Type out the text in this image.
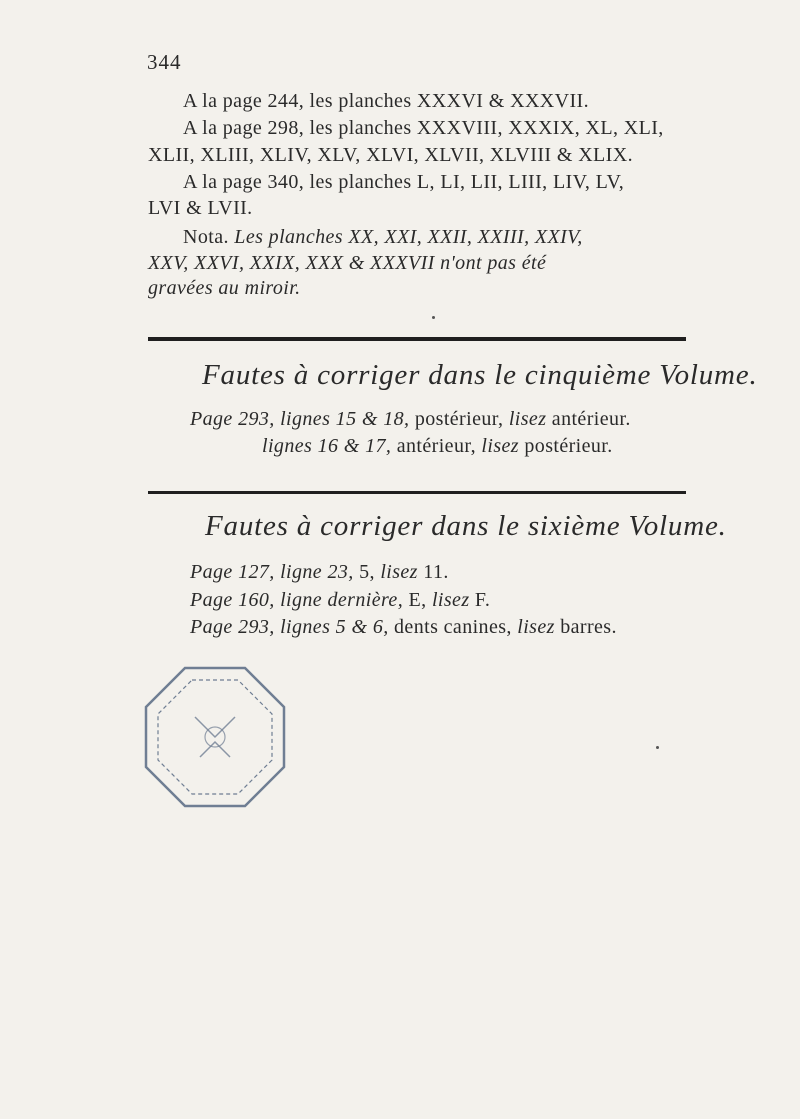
344
A la page 244, les planches XXXVI & XXXVII.
A la page 298, les planches XXXVIII, XXXIX, XL, XLI,
XLII, XLIII, XLIV, XLV, XLVI, XLVII, XLVIII & XLIX.
A la page 340, les planches L, LI, LII, LIII, LIV, LV,
LVI & LVII.
Nota. Les planches XX, XXI, XXII, XXIII, XXIV,
XXV, XXVI, XXIX, XXX & XXXVII n'ont pas été
gravées au miroir.
Fautes à corriger dans le cinquième Volume.
Page 293, lignes 15 & 18, postérieur, lisez antérieur.
lignes 16 & 17, antérieur, lisez postérieur.
Fautes à corriger dans le sixième Volume.
Page 127, ligne 23, 5, lisez 11.
Page 160, ligne dernière, E, lisez F.
Page 293, lignes 5 & 6, dents canines, lisez barres.
